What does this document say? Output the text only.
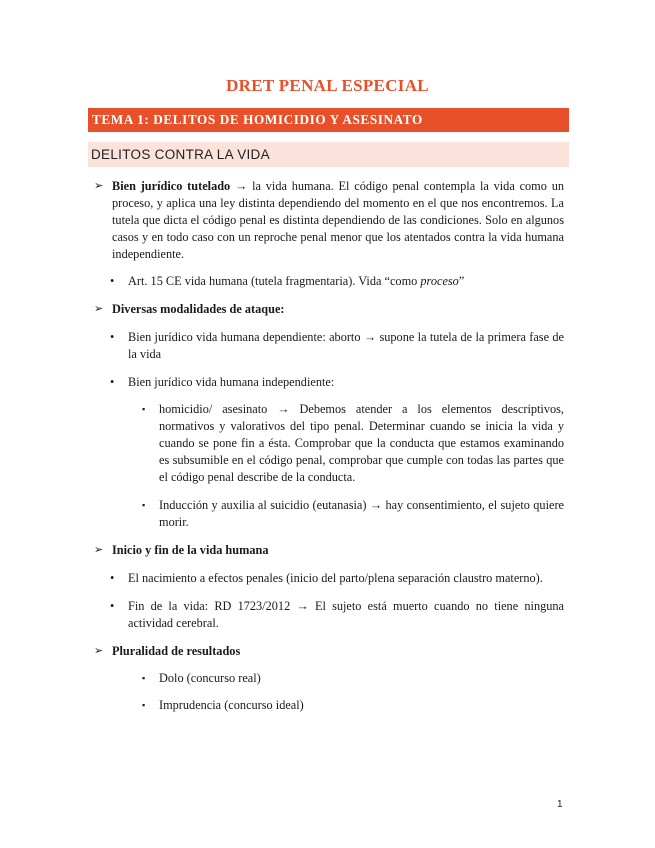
DRET PENAL ESPECIAL
TEMA 1: DELITOS DE HOMICIDIO Y ASESINATO
DELITOS CONTRA LA VIDA
➢ Bien jurídico tutelado → la vida humana. El código penal contempla la vida como un proceso, y aplica una ley distinta dependiendo del momento en el que nos encontremos. La tutela que dicta el código penal es distinta dependiendo de las condiciones. Solo en algunos casos y en todo caso con un reproche penal menor que los atentados contra la vida humana independiente.
• Art. 15 CE vida humana (tutela fragmentaria). Vida “como proceso”
➢ Diversas modalidades de ataque:
• Bien jurídico vida humana dependiente: aborto → supone la tutela de la primera fase de la vida
• Bien jurídico vida humana independiente:
▪ homicidio/ asesinato → Debemos atender a los elementos descriptivos, normativos y valorativos del tipo penal. Determinar cuando se inicia la vida y cuando se pone fin a ésta. Comprobar que la conducta que estamos examinando es subsumible en el código penal, comprobar que cumple con todas las partes que el código penal describe de la conducta.
▪ Inducción y auxilia al suicidio (eutanasia) → hay consentimiento, el sujeto quiere morir.
➢ Inicio y fin de la vida humana
• El nacimiento a efectos penales (inicio del parto/plena separación claustro materno).
• Fin de la vida: RD 1723/2012 → El sujeto está muerto cuando no tiene ninguna actividad cerebral.
➢ Pluralidad de resultados
▪ Dolo (concurso real)
▪ Imprudencia (concurso ideal)
1
